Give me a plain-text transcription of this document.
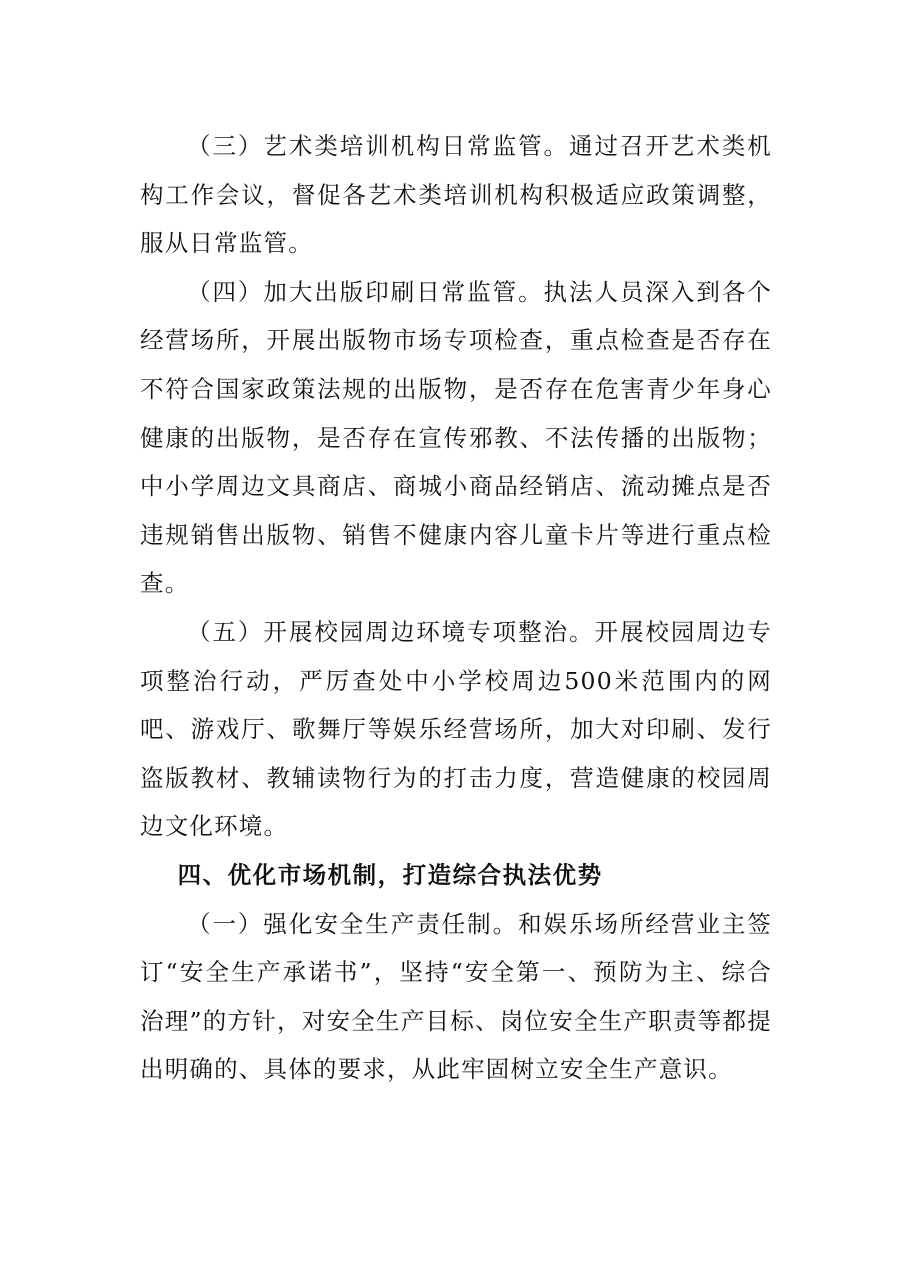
（三）艺术类培训机构日常监管。通过召开艺术类机构工作会议，督促各艺术类培训机构积极适应政策调整，服从日常监管。

（四）加大出版印刷日常监管。执法人员深入到各个经营场所，开展出版物市场专项检查，重点检查是否存在不符合国家政策法规的出版物，是否存在危害青少年身心健康的出版物，是否存在宣传邪教、不法传播的出版物；中小学周边文具商店、商城小商品经销店、流动摊点是否违规销售出版物、销售不健康内容儿童卡片等进行重点检查。

（五）开展校园周边环境专项整治。开展校园周边专项整治行动，严厉查处中小学校周边500米范围内的网吧、游戏厅、歌舞厅等娱乐经营场所，加大对印刷、发行盗版教材、教辅读物行为的打击力度，营造健康的校园周边文化环境。

四、优化市场机制，打造综合执法优势

（一）强化安全生产责任制。和娱乐场所经营业主签订“安全生产承诺书”，坚持“安全第一、预防为主、综合治理”的方针，对安全生产目标、岗位安全生产职责等都提出明确的、具体的要求，从此牢固树立安全生产意识。
